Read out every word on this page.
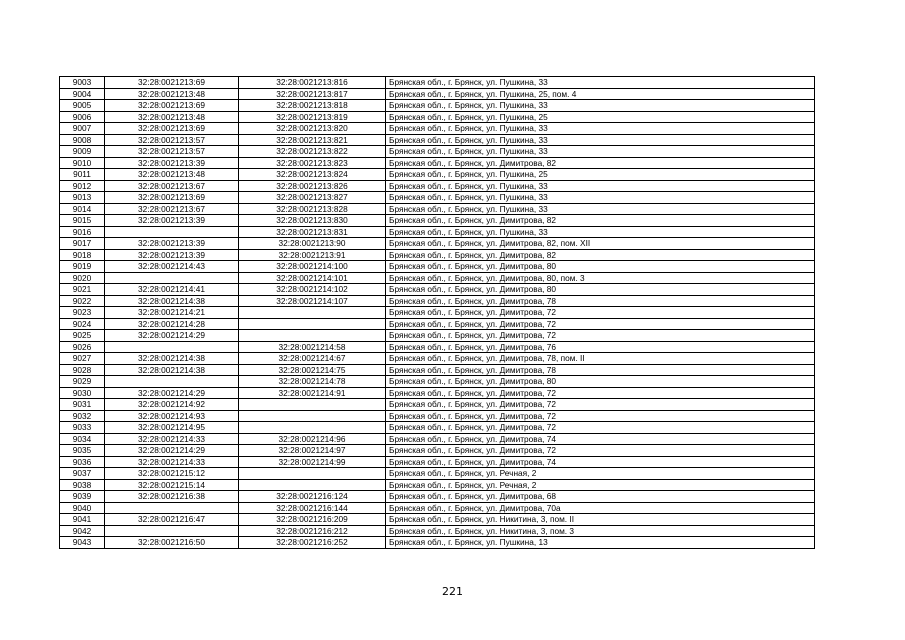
9003	32:28:0021213:69	32:28:0021213:816	Брянская обл., г. Брянск, ул. Пушкина, 33
9004	32:28:0021213:48	32:28:0021213:817	Брянская обл., г. Брянск, ул. Пушкина, 25, пом. 4
9005	32:28:0021213:69	32:28:0021213:818	Брянская обл., г. Брянск, ул. Пушкина, 33
9006	32:28:0021213:48	32:28:0021213:819	Брянская обл., г. Брянск, ул. Пушкина, 25
9007	32:28:0021213:69	32:28:0021213:820	Брянская обл., г. Брянск, ул. Пушкина, 33
9008	32:28:0021213:57	32:28:0021213:821	Брянская обл., г. Брянск, ул. Пушкина, 33
9009	32:28:0021213:57	32:28:0021213:822	Брянская обл., г. Брянск, ул. Пушкина, 33
9010	32:28:0021213:39	32:28:0021213:823	Брянская обл., г. Брянск, ул. Димитрова, 82
9011	32:28:0021213:48	32:28:0021213:824	Брянская обл., г. Брянск, ул. Пушкина, 25
9012	32:28:0021213:67	32:28:0021213:826	Брянская обл., г. Брянск, ул. Пушкина, 33
9013	32:28:0021213:69	32:28:0021213:827	Брянская обл., г. Брянск, ул. Пушкина, 33
9014	32:28:0021213:67	32:28:0021213:828	Брянская обл., г. Брянск, ул. Пушкина, 33
9015	32:28:0021213:39	32:28:0021213:830	Брянская обл., г. Брянск, ул. Димитрова, 82
9016		32:28:0021213:831	Брянская обл., г. Брянск, ул. Пушкина, 33
9017	32:28:0021213:39	32:28:0021213:90	Брянская обл., г. Брянск, ул. Димитрова, 82, пом. XII
9018	32:28:0021213:39	32:28:0021213:91	Брянская обл., г. Брянск, ул. Димитрова, 82
9019	32:28:0021214:43	32:28:0021214:100	Брянская обл., г. Брянск, ул. Димитрова, 80
9020		32:28:0021214:101	Брянская обл., г. Брянск, ул. Димитрова, 80, пом. 3
9021	32:28:0021214:41	32:28:0021214:102	Брянская обл., г. Брянск, ул. Димитрова, 80
9022	32:28:0021214:38	32:28:0021214:107	Брянская обл., г. Брянск, ул. Димитрова, 78
9023	32:28:0021214:21		Брянская обл., г. Брянск, ул. Димитрова, 72
9024	32:28:0021214:28		Брянская обл., г. Брянск, ул. Димитрова, 72
9025	32:28:0021214:29		Брянская обл., г. Брянск, ул. Димитрова, 72
9026		32:28:0021214:58	Брянская обл., г. Брянск, ул. Димитрова, 76
9027	32:28:0021214:38	32:28:0021214:67	Брянская обл., г. Брянск, ул. Димитрова, 78, пом. II
9028	32:28:0021214:38	32:28:0021214:75	Брянская обл., г. Брянск, ул. Димитрова, 78
9029		32:28:0021214:78	Брянская обл., г. Брянск, ул. Димитрова, 80
9030	32:28:0021214:29	32:28:0021214:91	Брянская обл., г. Брянск, ул. Димитрова, 72
9031	32:28:0021214:92		Брянская обл., г. Брянск, ул. Димитрова, 72
9032	32:28:0021214:93		Брянская обл., г. Брянск, ул. Димитрова, 72
9033	32:28:0021214:95		Брянская обл., г. Брянск, ул. Димитрова, 72
9034	32:28:0021214:33	32:28:0021214:96	Брянская обл., г. Брянск, ул. Димитрова, 74
9035	32:28:0021214:29	32:28:0021214:97	Брянская обл., г. Брянск, ул. Димитрова, 72
9036	32:28:0021214:33	32:28:0021214:99	Брянская обл., г. Брянск, ул. Димитрова, 74
9037	32:28:0021215:12		Брянская обл., г. Брянск, ул. Речная, 2
9038	32:28:0021215:14		Брянская обл., г. Брянск, ул. Речная, 2
9039	32:28:0021216:38	32:28:0021216:124	Брянская обл., г. Брянск, ул. Димитрова, 68
9040		32:28:0021216:144	Брянская обл., г. Брянск, ул. Димитрова, 70а
9041	32:28:0021216:47	32:28:0021216:209	Брянская обл., г. Брянск, ул. Никитина, 3, пом. II
9042		32:28:0021216:212	Брянская обл., г. Брянск, ул. Никитина, 3, пом. 3
9043	32:28:0021216:50	32:28:0021216:252	Брянская обл., г. Брянск, ул. Пушкина, 13
221
